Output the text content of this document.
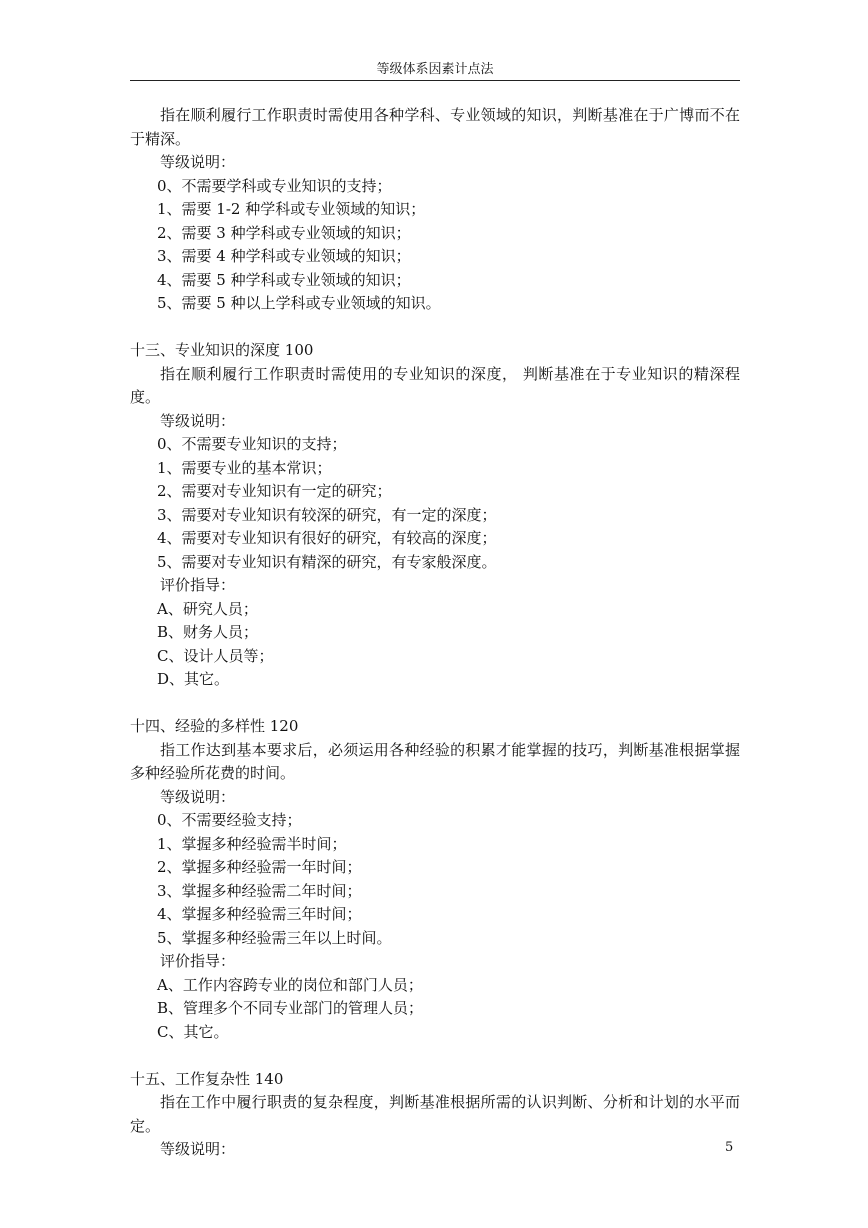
等级体系因素计点法

指在顺利履行工作职责时需使用各种学科、专业领域的知识，判断基准在于广博而不在于精深。

等级说明：

0、不需要学科或专业知识的支持；

1、需要 1-2 种学科或专业领域的知识；

2、需要 3 种学科或专业领域的知识；

3、需要 4 种学科或专业领域的知识；

4、需要 5 种学科或专业领域的知识；

5、需要 5 种以上学科或专业领域的知识。

十三、专业知识的深度 100

指在顺利履行工作职责时需使用的专业知识的深度， 判断基准在于专业知识的精深程度。

等级说明：

0、不需要专业知识的支持；

1、需要专业的基本常识；

2、需要对专业知识有一定的研究；

3、需要对专业知识有较深的研究，有一定的深度；

4、需要对专业知识有很好的研究，有较高的深度；

5、需要对专业知识有精深的研究，有专家般深度。

评价指导：

A、研究人员；

B、财务人员；

C、设计人员等；

D、其它。

十四、经验的多样性 120

指工作达到基本要求后，必须运用各种经验的积累才能掌握的技巧，判断基准根据掌握多种经验所花费的时间。

等级说明：

0、不需要经验支持；

1、掌握多种经验需半时间；

2、掌握多种经验需一年时间；

3、掌握多种经验需二年时间；

4、掌握多种经验需三年时间；

5、掌握多种经验需三年以上时间。

评价指导：

A、工作内容跨专业的岗位和部门人员；

B、管理多个不同专业部门的管理人员；

C、其它。

十五、工作复杂性 140

指在工作中履行职责的复杂程度，判断基准根据所需的认识判断、分析和计划的水平而定。

等级说明：	5
